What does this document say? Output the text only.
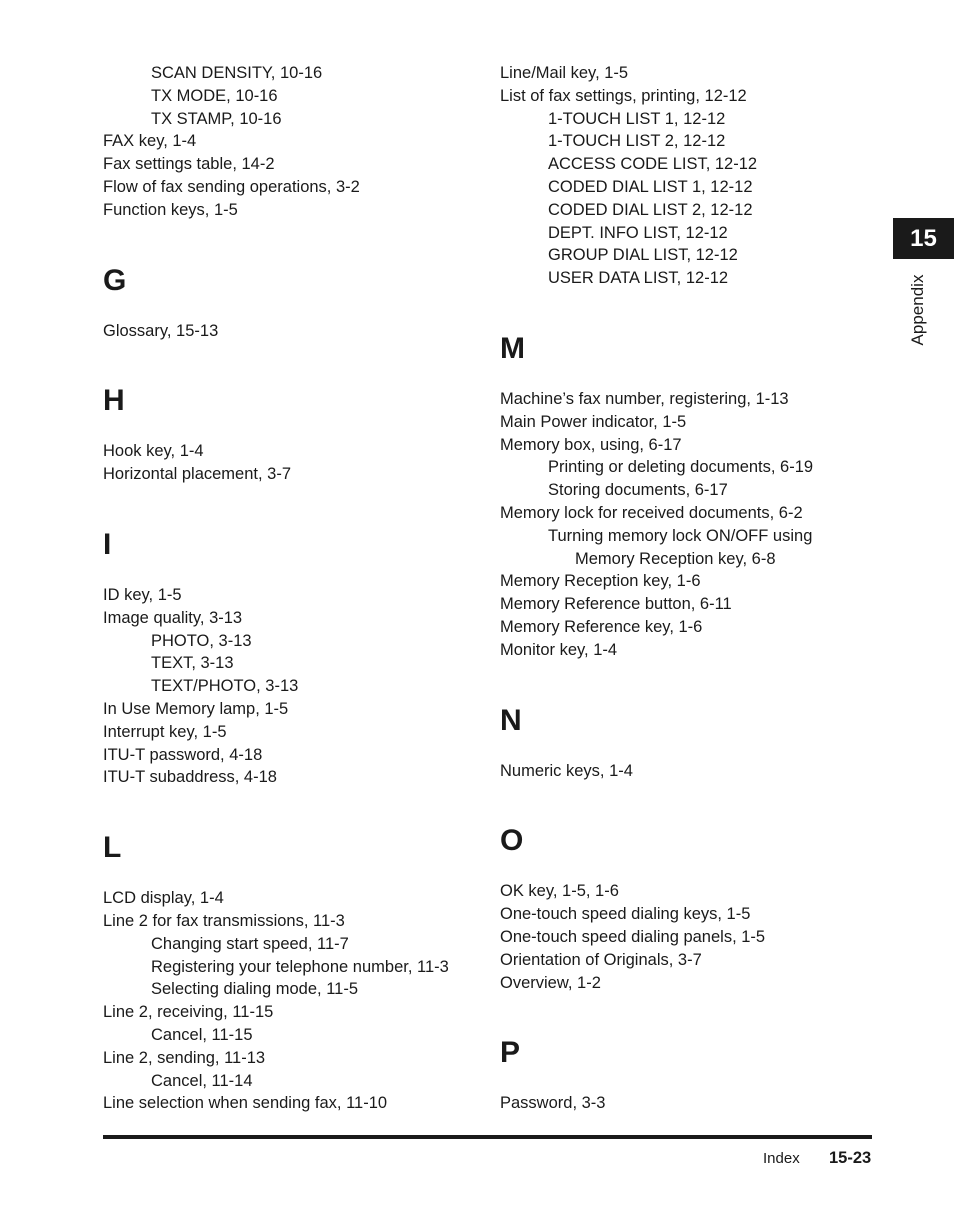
SCAN DENSITY, 10-16
TX MODE, 10-16
TX STAMP, 10-16
FAX key, 1-4
Fax settings table, 14-2
Flow of fax sending operations, 3-2
Function keys, 1-5
G
Glossary, 15-13
H
Hook key, 1-4
Horizontal placement, 3-7
I
ID key, 1-5
Image quality, 3-13
PHOTO, 3-13
TEXT, 3-13
TEXT/PHOTO, 3-13
In Use Memory lamp, 1-5
Interrupt key, 1-5
ITU-T password, 4-18
ITU-T subaddress, 4-18
L
LCD display, 1-4
Line 2 for fax transmissions, 11-3
Changing start speed, 11-7
Registering your telephone number, 11-3
Selecting dialing mode, 11-5
Line 2, receiving, 11-15
Cancel, 11-15
Line 2, sending, 11-13
Cancel, 11-14
Line selection when sending fax, 11-10
Line/Mail key, 1-5
List of fax settings, printing, 12-12
1-TOUCH LIST 1, 12-12
1-TOUCH LIST 2, 12-12
ACCESS CODE LIST, 12-12
CODED DIAL LIST 1, 12-12
CODED DIAL LIST 2, 12-12
DEPT. INFO LIST, 12-12
GROUP DIAL LIST, 12-12
USER DATA LIST, 12-12
M
Machine’s fax number, registering, 1-13
Main Power indicator, 1-5
Memory box, using, 6-17
Printing or deleting documents, 6-19
Storing documents, 6-17
Memory lock for received documents, 6-2
Turning memory lock ON/OFF using
Memory Reception key, 6-8
Memory Reception key, 1-6
Memory Reference button, 6-11
Memory Reference key, 1-6
Monitor key, 1-4
N
Numeric keys, 1-4
O
OK key, 1-5, 1-6
One-touch speed dialing keys, 1-5
One-touch speed dialing panels, 1-5
Orientation of Originals, 3-7
Overview, 1-2
P
Password, 3-3
15
Appendix
Index 15-23
